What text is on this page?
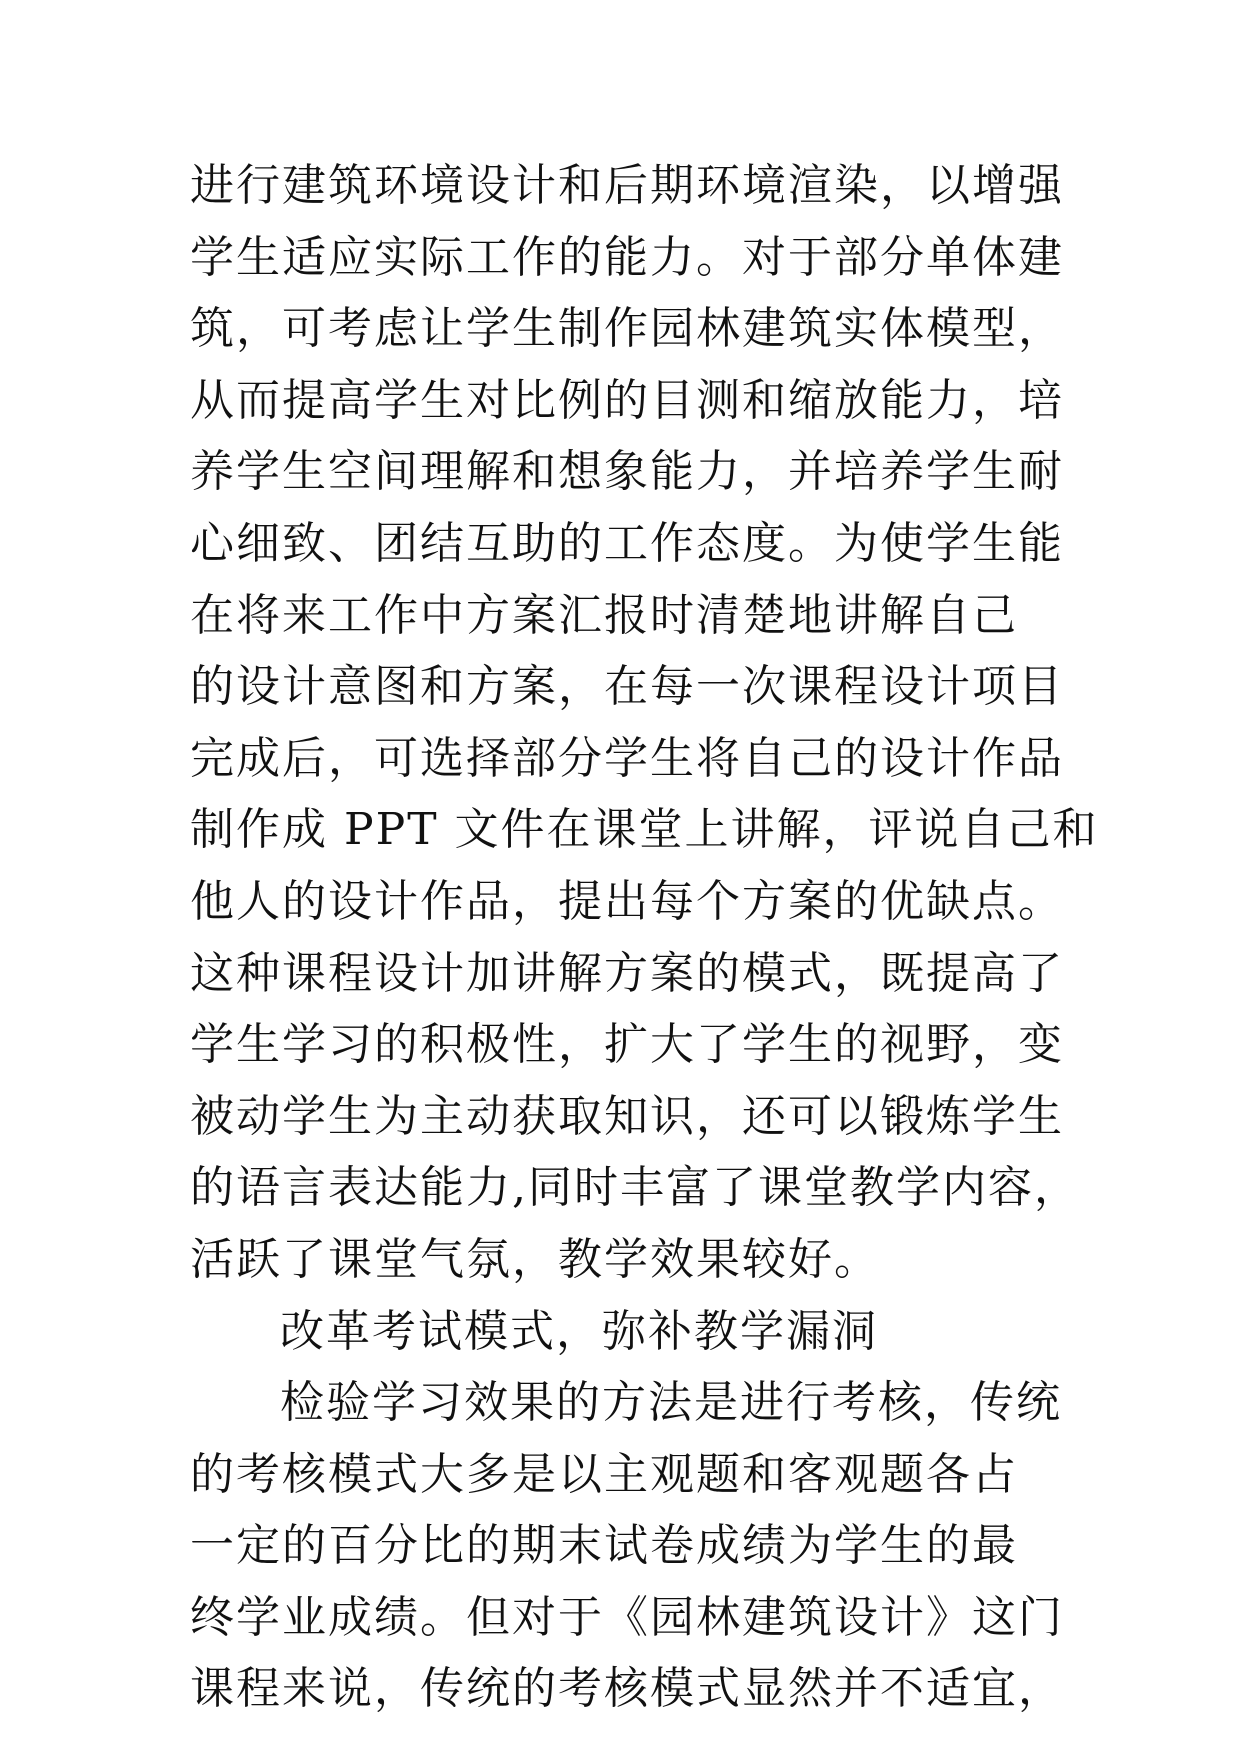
进行建筑环境设计和后期环境渲染，以增强
学生适应实际工作的能力。对于部分单体建
筑，可考虑让学生制作园林建筑实体模型，
从而提高学生对比例的目测和缩放能力，培
养学生空间理解和想象能力，并培养学生耐
心细致、团结互助的工作态度。为使学生能
在将来工作中方案汇报时清楚地讲解自己
的设计意图和方案，在每一次课程设计项目
完成后，可选择部分学生将自己的设计作品
制作成 PPT 文件在课堂上讲解，评说自己和
他人的设计作品，提出每个方案的优缺点。
这种课程设计加讲解方案的模式，既提高了
学生学习的积极性，扩大了学生的视野，变
被动学生为主动获取知识，还可以锻炼学生
的语言表达能力,同时丰富了课堂教学内容，
活跃了课堂气氛，教学效果较好。
改革考试模式，弥补教学漏洞
检验学习效果的方法是进行考核，传统
的考核模式大多是以主观题和客观题各占
一定的百分比的期末试卷成绩为学生的最
终学业成绩。但对于《园林建筑设计》这门
课程来说，传统的考核模式显然并不适宜，
